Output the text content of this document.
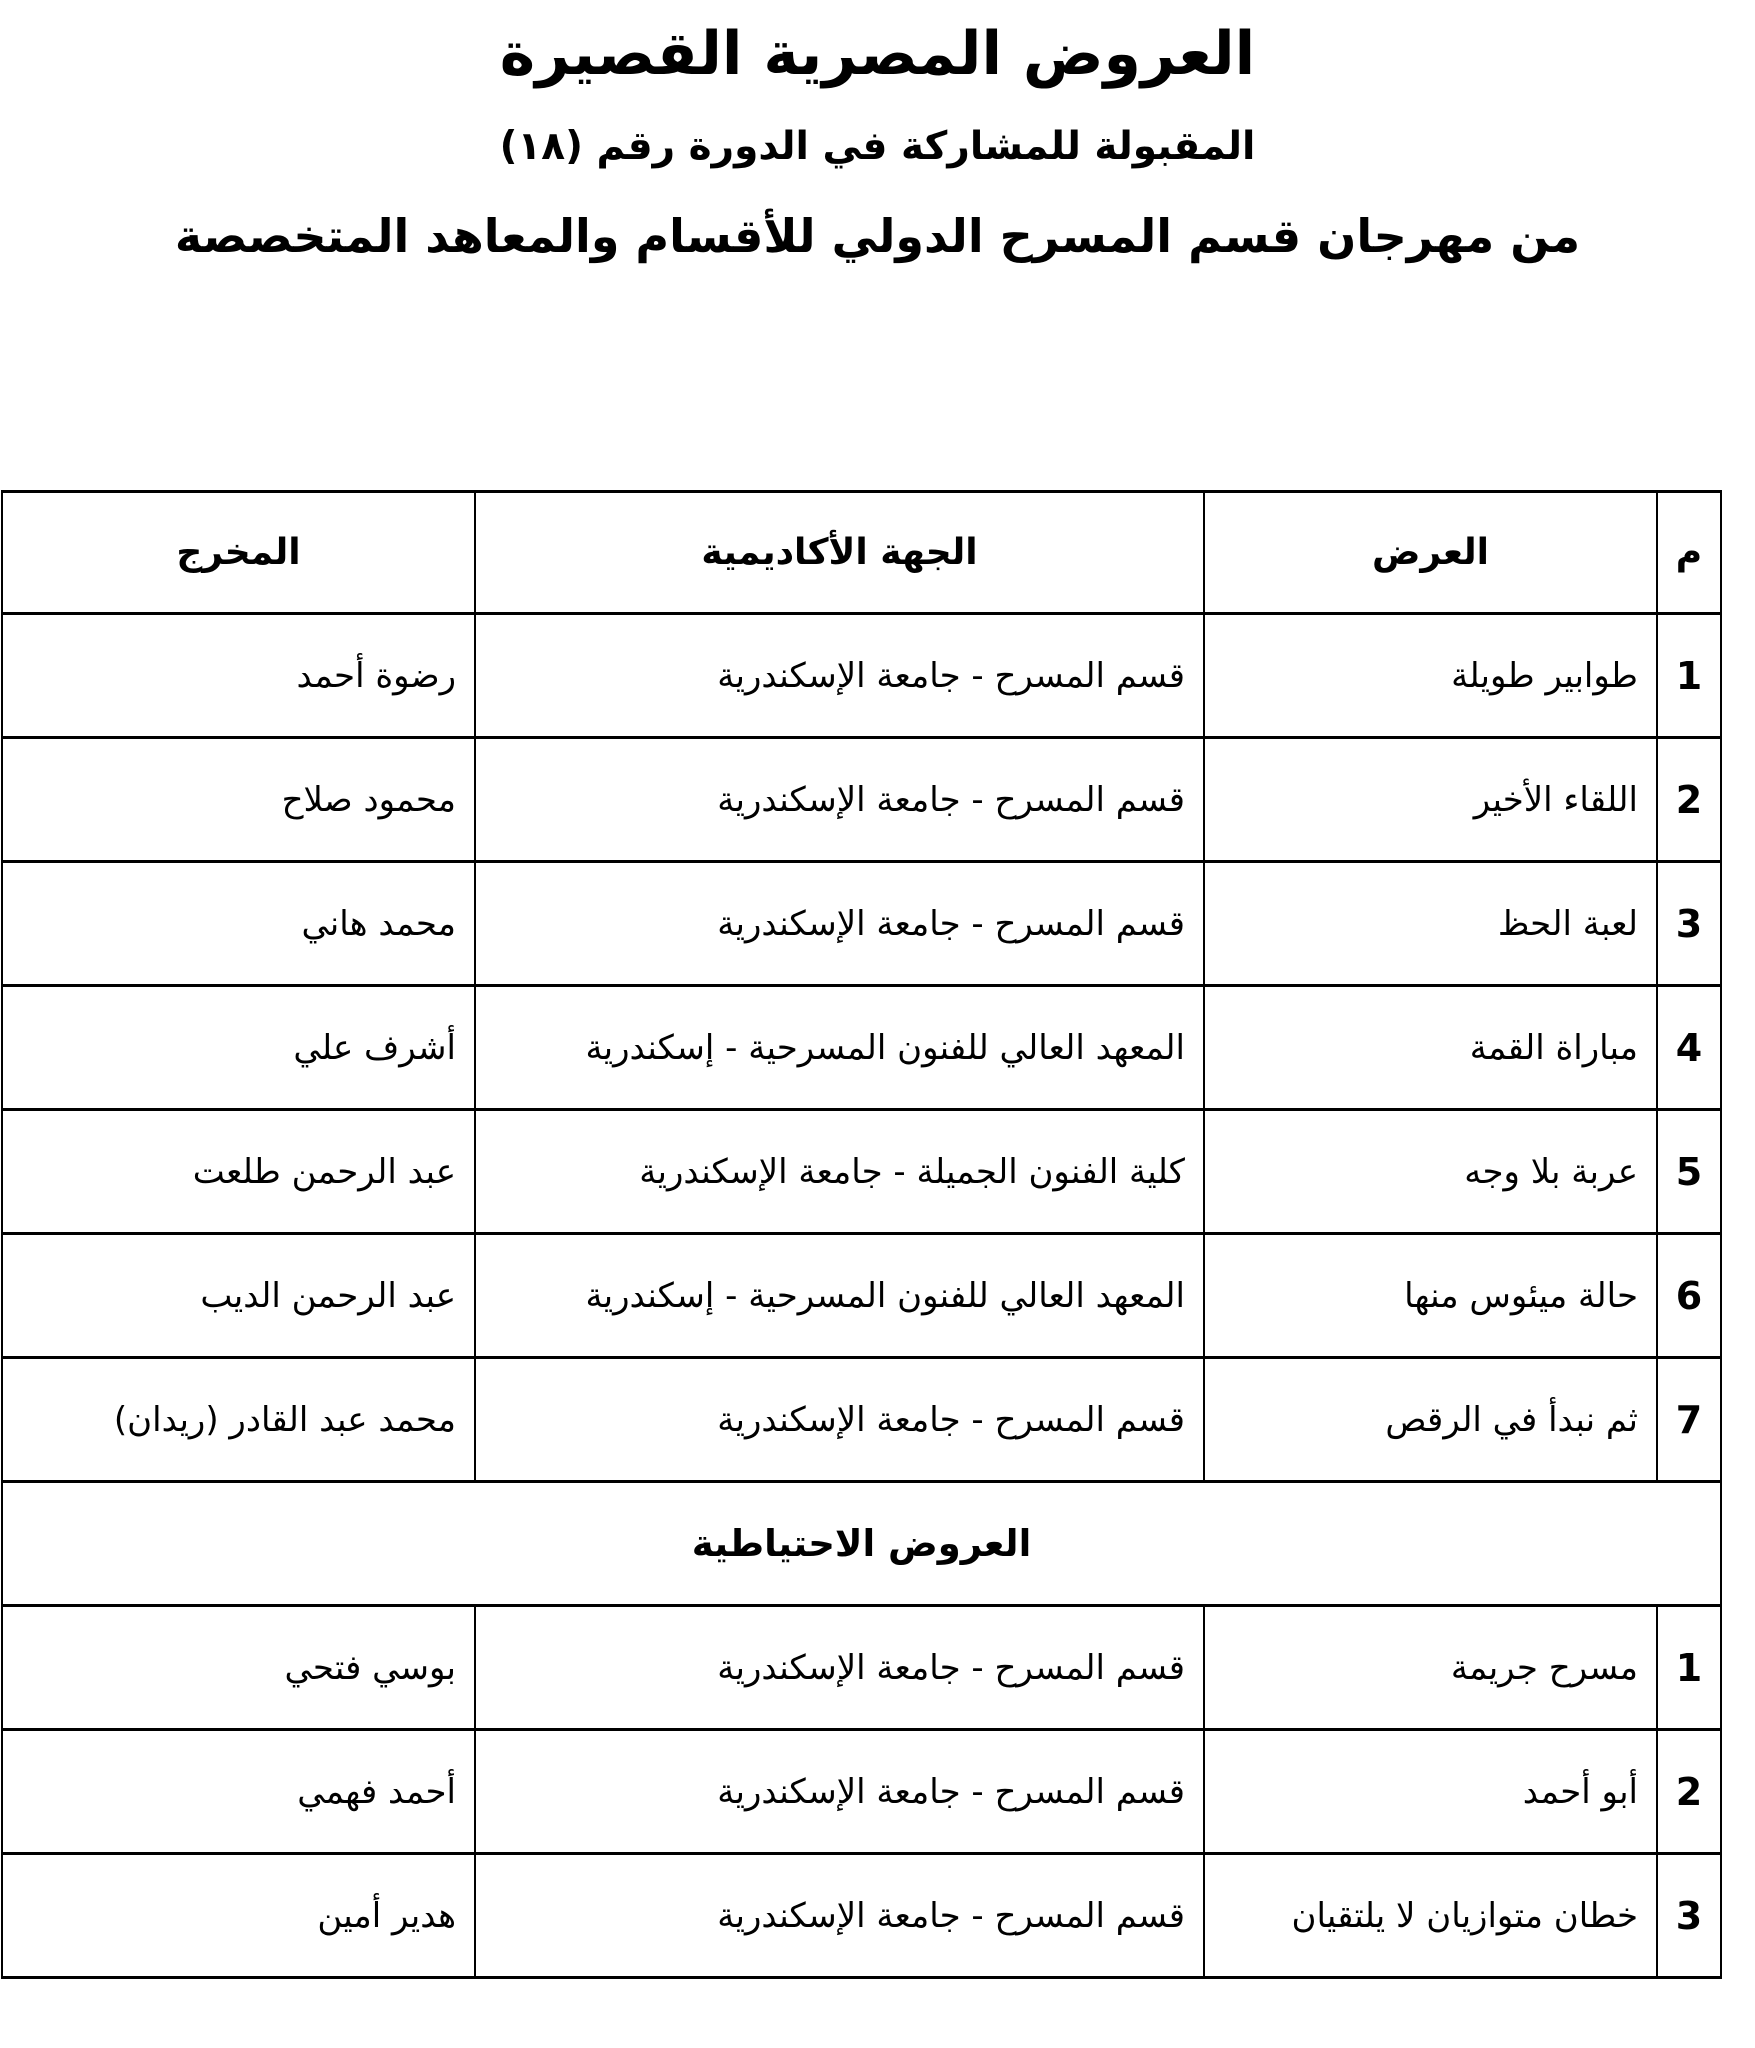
العروض المصرية القصيرة
المقبولة للمشاركة في الدورة رقم (١٨)
من مهرجان قسم المسرح الدولي للأقسام والمعاهد المتخصصة
م	العرض	الجهة الأكاديمية	المخرج
1	طوابير طويلة	قسم المسرح - جامعة الإسكندرية	رضوة أحمد
2	اللقاء الأخير	قسم المسرح - جامعة الإسكندرية	محمود صلاح
3	لعبة الحظ	قسم المسرح - جامعة الإسكندرية	محمد هاني
4	مباراة القمة	المعهد العالي للفنون المسرحية - إسكندرية	أشرف علي
5	عربة بلا وجه	كلية الفنون الجميلة - جامعة الإسكندرية	عبد الرحمن طلعت
6	حالة ميئوس منها	المعهد العالي للفنون المسرحية - إسكندرية	عبد الرحمن الديب
7	ثم نبدأ في الرقص	قسم المسرح - جامعة الإسكندرية	محمد عبد القادر (ريدان)
العروض الاحتياطية			
1	مسرح جريمة	قسم المسرح - جامعة الإسكندرية	بوسي فتحي
2	أبو أحمد	قسم المسرح - جامعة الإسكندرية	أحمد فهمي
3	خطان متوازيان لا يلتقيان	قسم المسرح - جامعة الإسكندرية	هدير أمين
